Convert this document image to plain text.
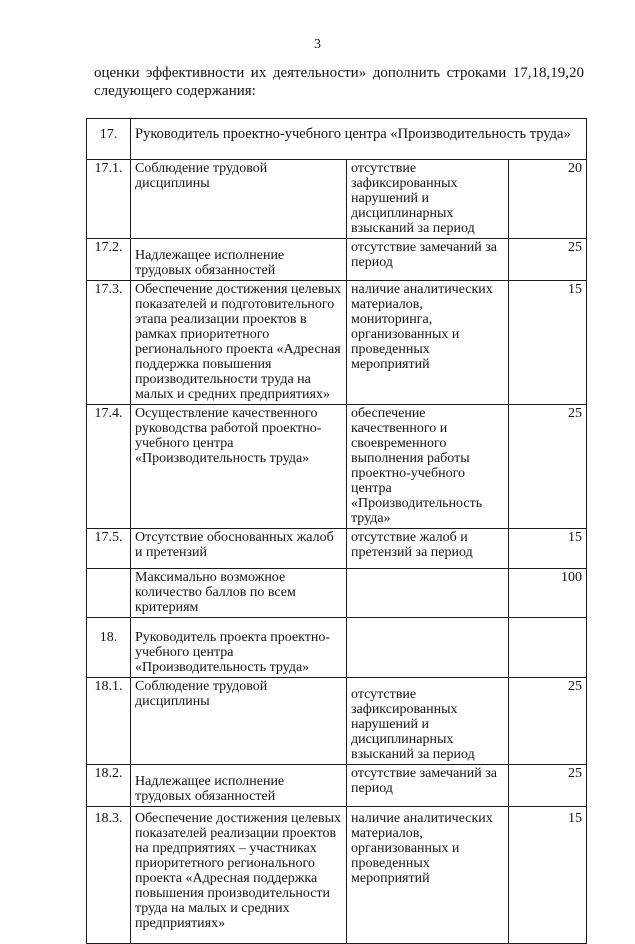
3
оценки эффективности их деятельности» дополнить строками 17,18,19,20
следующего содержания:
17.	Руководитель проектно-учебного центра «Производительность труда»		
17.1.	Соблюдение трудовой дисциплины	отсутствие зафиксированных нарушений и дисциплинарных взысканий за период	20
17.2.	Надлежащее исполнение трудовых обязанностей	отсутствие замечаний за период	25
17.3.	Обеспечение достижения целевых показателей и подготовительного этапа реализации проектов в рамках приоритетного регионального проекта «Адресная поддержка повышения производительности труда на малых и средних предприятиях»	наличие аналитических материалов, мониторинга, организованных и проведенных мероприятий	15
17.4.	Осуществление качественного руководства работой проектно-учебного центра «Производительность труда»	обеспечение качественного и своевременного выполнения работы проектно-учебного центра «Производительность труда»	25
17.5.	Отсутствие обоснованных жалоб и претензий	отсутствие жалоб и претензий за период	15
	Максимально возможное количество баллов по всем критериям		100

18.	Руководитель проекта проектно-учебного центра «Производительность труда»		

18.1.	Соблюдение трудовой дисциплины	отсутствие зафиксированных нарушений и дисциплинарных взысканий за период	25
18.2.	Надлежащее исполнение трудовых обязанностей	отсутствие замечаний за период	25
18.3.	Обеспечение достижения целевых показателей реализации проектов на предприятиях – участниках приоритетного регионального проекта «Адресная поддержка повышения производительности труда на малых и средних предприятиях»	наличие аналитических материалов, организованных и проведенных мероприятий	15
